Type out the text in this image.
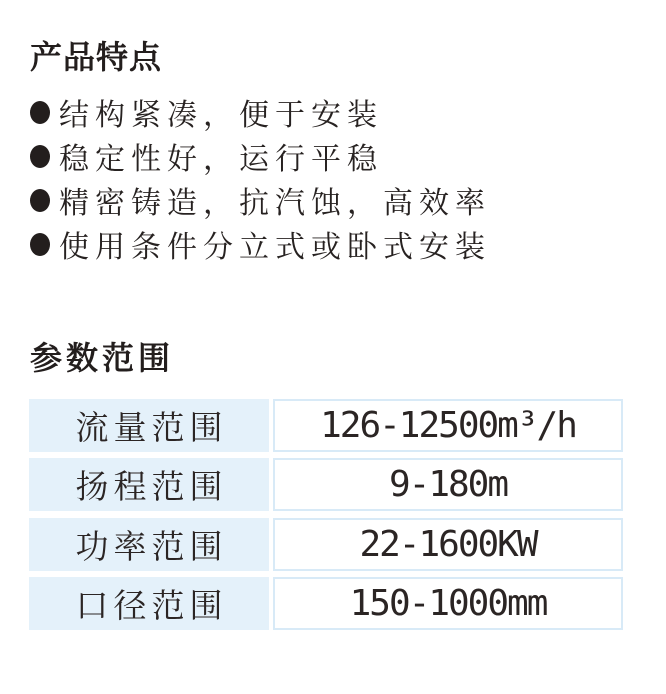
产品特点
结构紧凑，便于安装
稳定性好，运行平稳
精密铸造，抗汽蚀，高效率
使用条件分立式或卧式安装
参数范围
流量范围	126-12500m³/h
扬程范围	9-180m
功率范围	22-1600KW
口径范围	150-1000mm
